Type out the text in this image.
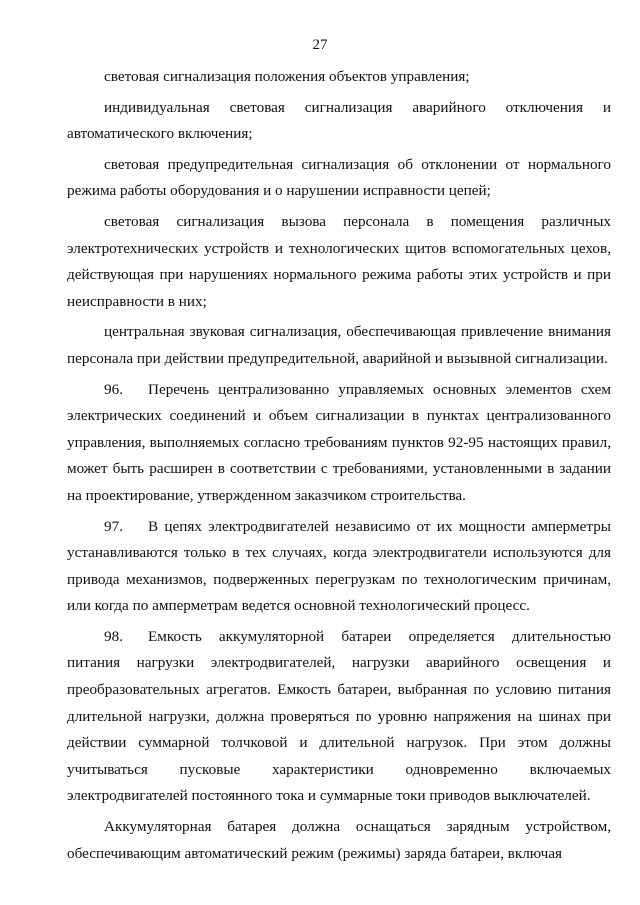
27

световая сигнализация положения объектов управления;

индивидуальная световая сигнализация аварийного отключения и автоматического включения;

световая предупредительная сигнализация об отклонении от нормального режима работы оборудования и о нарушении исправности цепей;

световая сигнализация вызова персонала в помещения различных электротехнических устройств и технологических щитов вспомогательных цехов, действующая при нарушениях нормального режима работы этих устройств и при неисправности в них;

центральная звуковая сигнализация, обеспечивающая привлечение внимания персонала при действии предупредительной, аварийной и вызывной сигнализации.

96. Перечень централизованно управляемых основных элементов схем электрических соединений и объем сигнализации в пунктах централизованного управления, выполняемых согласно требованиям пунктов 92-95 настоящих правил, может быть расширен в соответствии с требованиями, установленными в задании на проектирование, утвержденном заказчиком строительства.

97. В цепях электродвигателей независимо от их мощности амперметры устанавливаются только в тех случаях, когда электродвигатели используются для привода механизмов, подверженных перегрузкам по технологическим причинам, или когда по амперметрам ведется основной технологический процесс.

98. Емкость аккумуляторной батареи определяется длительностью питания нагрузки электродвигателей, нагрузки аварийного освещения и преобразовательных агрегатов. Емкость батареи, выбранная по условию питания длительной нагрузки, должна проверяться по уровню напряжения на шинах при действии суммарной толчковой и длительной нагрузок. При этом должны учитываться пусковые характеристики одновременно включаемых электродвигателей постоянного тока и суммарные токи приводов выключателей.

Аккумуляторная батарея должна оснащаться зарядным устройством, обеспечивающим автоматический режим (режимы) заряда батареи, включая
